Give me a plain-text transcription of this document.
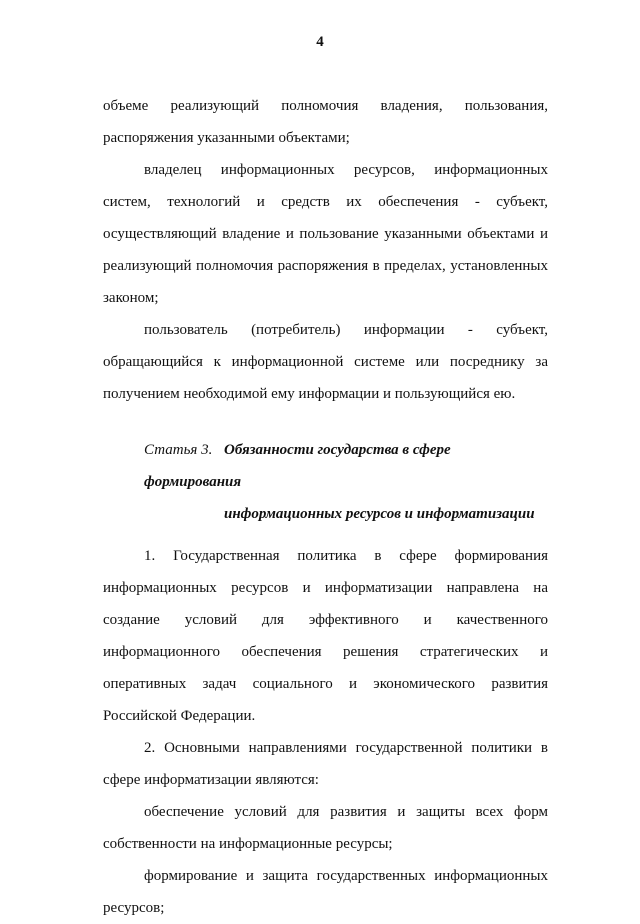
4

объеме реализующий полномочия владения, пользования, распоряжения указанными объектами;

владелец информационных ресурсов, информационных систем, технологий и средств их обеспечения - субъект, осуществляющий владение и пользование указанными объектами и реализующий полномочия распоряжения в пределах, установленных законом;

пользователь (потребитель) информации - субъект, обращающийся к информационной системе или посреднику за получением необходимой ему информации и пользующийся ею.

Статья 3. Обязанности государства в сфере формирования
информационных ресурсов и информатизации

1. Государственная политика в сфере формирования информационных ресурсов и информатизации направлена на создание условий для эффективного и качественного информационного обеспечения решения стратегических и оперативных задач социального и экономического развития Российской Федерации.

2. Основными направлениями государственной политики в сфере информатизации являются:

обеспечение условий для развития и защиты всех форм собственности на информационные ресурсы;

формирование и защита государственных информационных ресурсов;
